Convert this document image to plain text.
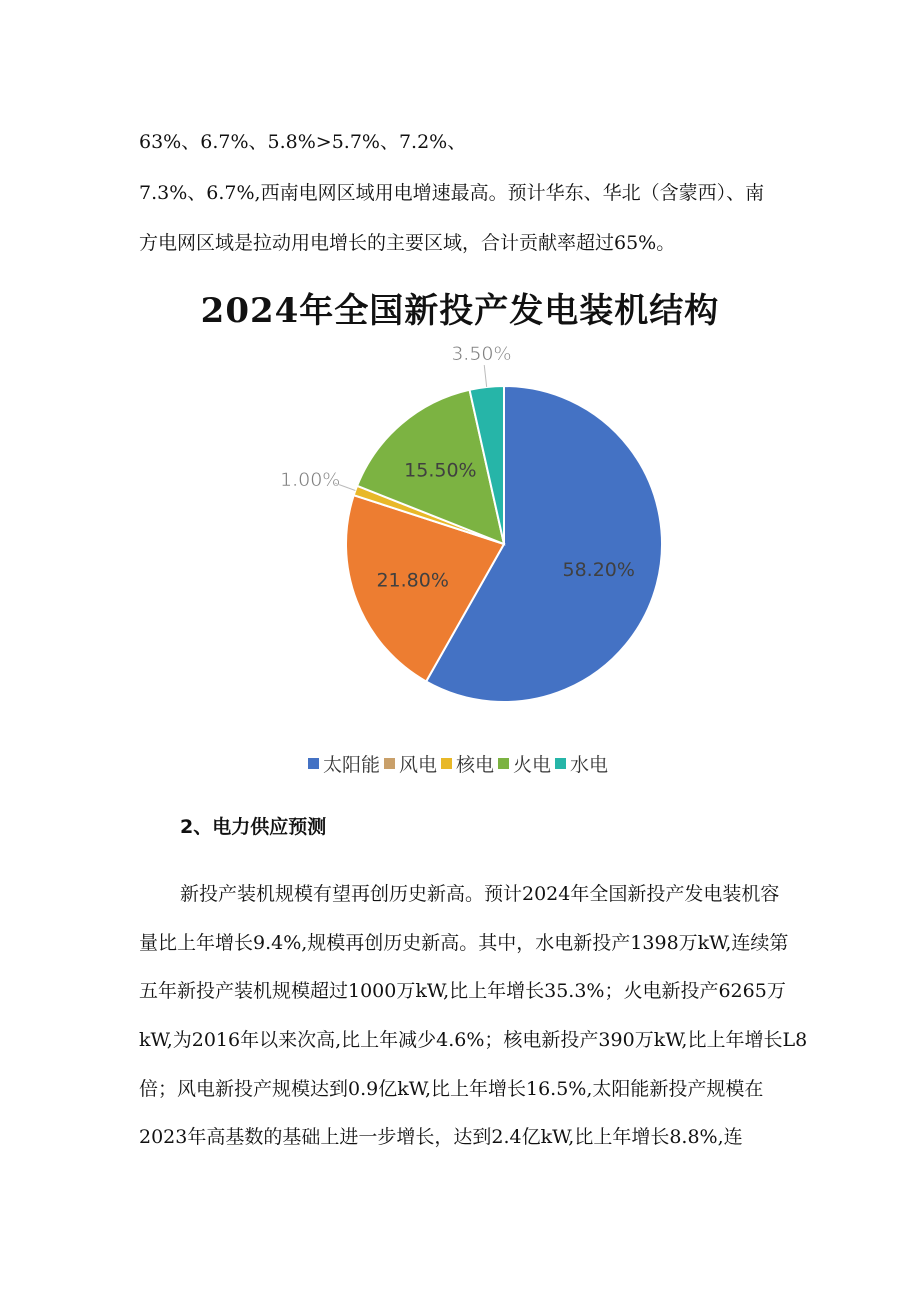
63%、6.7%、5.8%>5.7%、7.2%、
7.3%、6.7%,西南电网区域用电增速最高。预计华东、华北（含蒙西）、南
方电网区域是拉动用电增长的主要区域，合计贡献率超过65%。
2024年全国新投产发电装机结构
58.20%
21.80%
1.00%	15.50%
3.50%
太阳能 风电 核电 火电 水电
2、电力供应预测
新投产装机规模有望再创历史新高。预计2024年全国新投产发电装机容
量比上年增长9.4%,规模再创历史新高。其中，水电新投产1398万kW,连续第
五年新投产装机规模超过1000万kW,比上年增长35.3%；火电新投产6265万
kW,为2016年以来次高,比上年减少4.6%；核电新投产390万kW,比上年增长L8
倍；风电新投产规模达到0.9亿kW,比上年增长16.5%,太阳能新投产规模在
2023年高基数的基础上进一步增长，达到2.4亿kW,比上年增长8.8%,连
